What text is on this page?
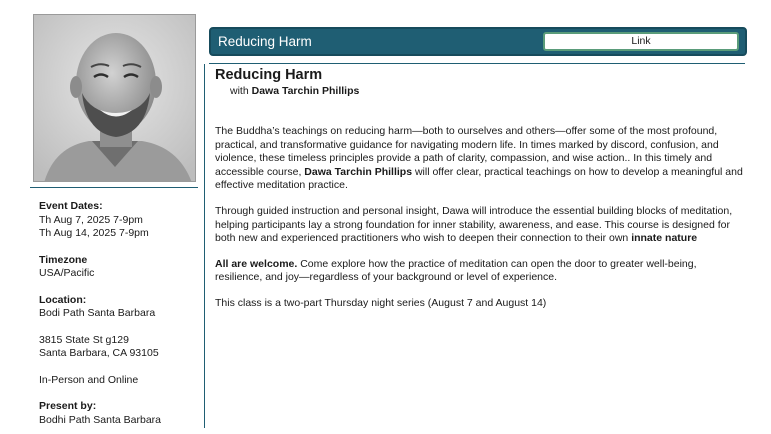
Event Dates:
Th Aug 7, 2025 7-9pm
Th Aug 14, 2025 7-9pm
Timezone
USA/Pacific
Location:
Bodi Path Santa Barbara
3815 State St g129
Santa Barbara, CA 93105
In-Person and Online
Present by:
Bodhi Path Santa Barbara
Reducing Harm	Link
Reducing Harm
with Dawa Tarchin Phillips

The Buddha’s teachings on reducing harm—both to ourselves and others—offer some of the most profound, practical, and transformative guidance for navigating modern life. In times marked by discord, confusion, and violence, these timeless principles provide a path of clarity, compassion, and wise action.. In this timely and accessible course, Dawa Tarchin Phillips will offer clear, practical teachings on how to develop a meaningful and effective meditation practice.

Through guided instruction and personal insight, Dawa will introduce the essential building blocks of meditation, helping participants lay a strong foundation for inner stability, awareness, and ease. This course is designed for both new and experienced practitioners who wish to deepen their connection to their own innate nature

All are welcome. Come explore how the practice of meditation can open the door to greater well-being, resilience, and joy—regardless of your background or level of experience.

This class is a two-part Thursday night series (August 7 and August 14)
